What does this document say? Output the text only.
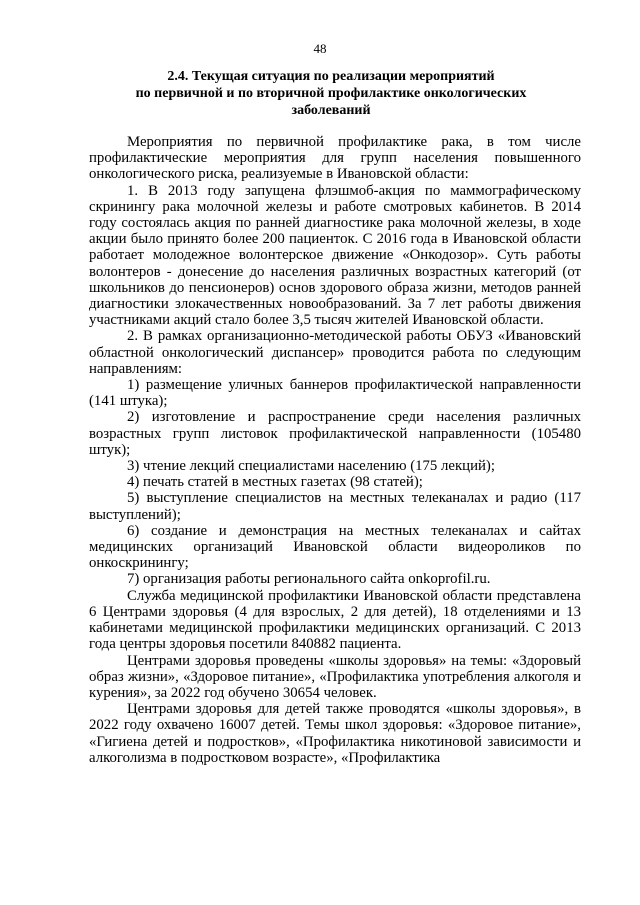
48
2.4. Текущая ситуация по реализации мероприятий
по первичной и по вторичной профилактике онкологических
заболеваний

Мероприятия по первичной профилактике рака, в том числе профилактические мероприятия для групп населения повышенного онкологического риска, реализуемые в Ивановской области:

1. В 2013 году запущена флэшмоб-акция по маммографическому скринингу рака молочной железы и работе смотровых кабинетов. В 2014 году состоялась акция по ранней диагностике рака молочной железы, в ходе акции было принято более 200 пациенток. С 2016 года в Ивановской области работает молодежное волонтерское движение «Онкодозор». Суть работы волонтеров - донесение до населения различных возрастных категорий (от школьников до пенсионеров) основ здорового образа жизни, методов ранней диагностики злокачественных новообразований. За 7 лет работы движения участниками акций стало более 3,5 тысяч жителей Ивановской области.

2. В рамках организационно-методической работы ОБУЗ «Ивановский областной онкологический диспансер» проводится работа по следующим направлениям:

1) размещение уличных баннеров профилактической направленности (141 штука);

2) изготовление и распространение среди населения различных возрастных групп листовок профилактической направленности (105480 штук);

3) чтение лекций специалистами населению (175 лекций);

4) печать статей в местных газетах (98 статей);

5) выступление специалистов на местных телеканалах и радио (117 выступлений);

6) создание и демонстрация на местных телеканалах и сайтах медицинских организаций Ивановской области видеороликов по онкоскринингу;

7) организация работы регионального сайта onkoprofil.ru.

Служба медицинской профилактики Ивановской области представлена 6 Центрами здоровья (4 для взрослых, 2 для детей), 18 отделениями и 13 кабинетами медицинской профилактики медицинских организаций. С 2013 года центры здоровья посетили 840882 пациента.

Центрами здоровья проведены «школы здоровья» на темы: «Здоровый образ жизни», «Здоровое питание», «Профилактика употребления алкоголя и курения», за 2022 год обучено 30654 человек.

Центрами здоровья для детей также проводятся «школы здоровья», в 2022 году охвачено 16007 детей. Темы школ здоровья: «Здоровое питание», «Гигиена детей и подростков», «Профилактика никотиновой зависимости и алкоголизма в подростковом возрасте», «Профилактика
